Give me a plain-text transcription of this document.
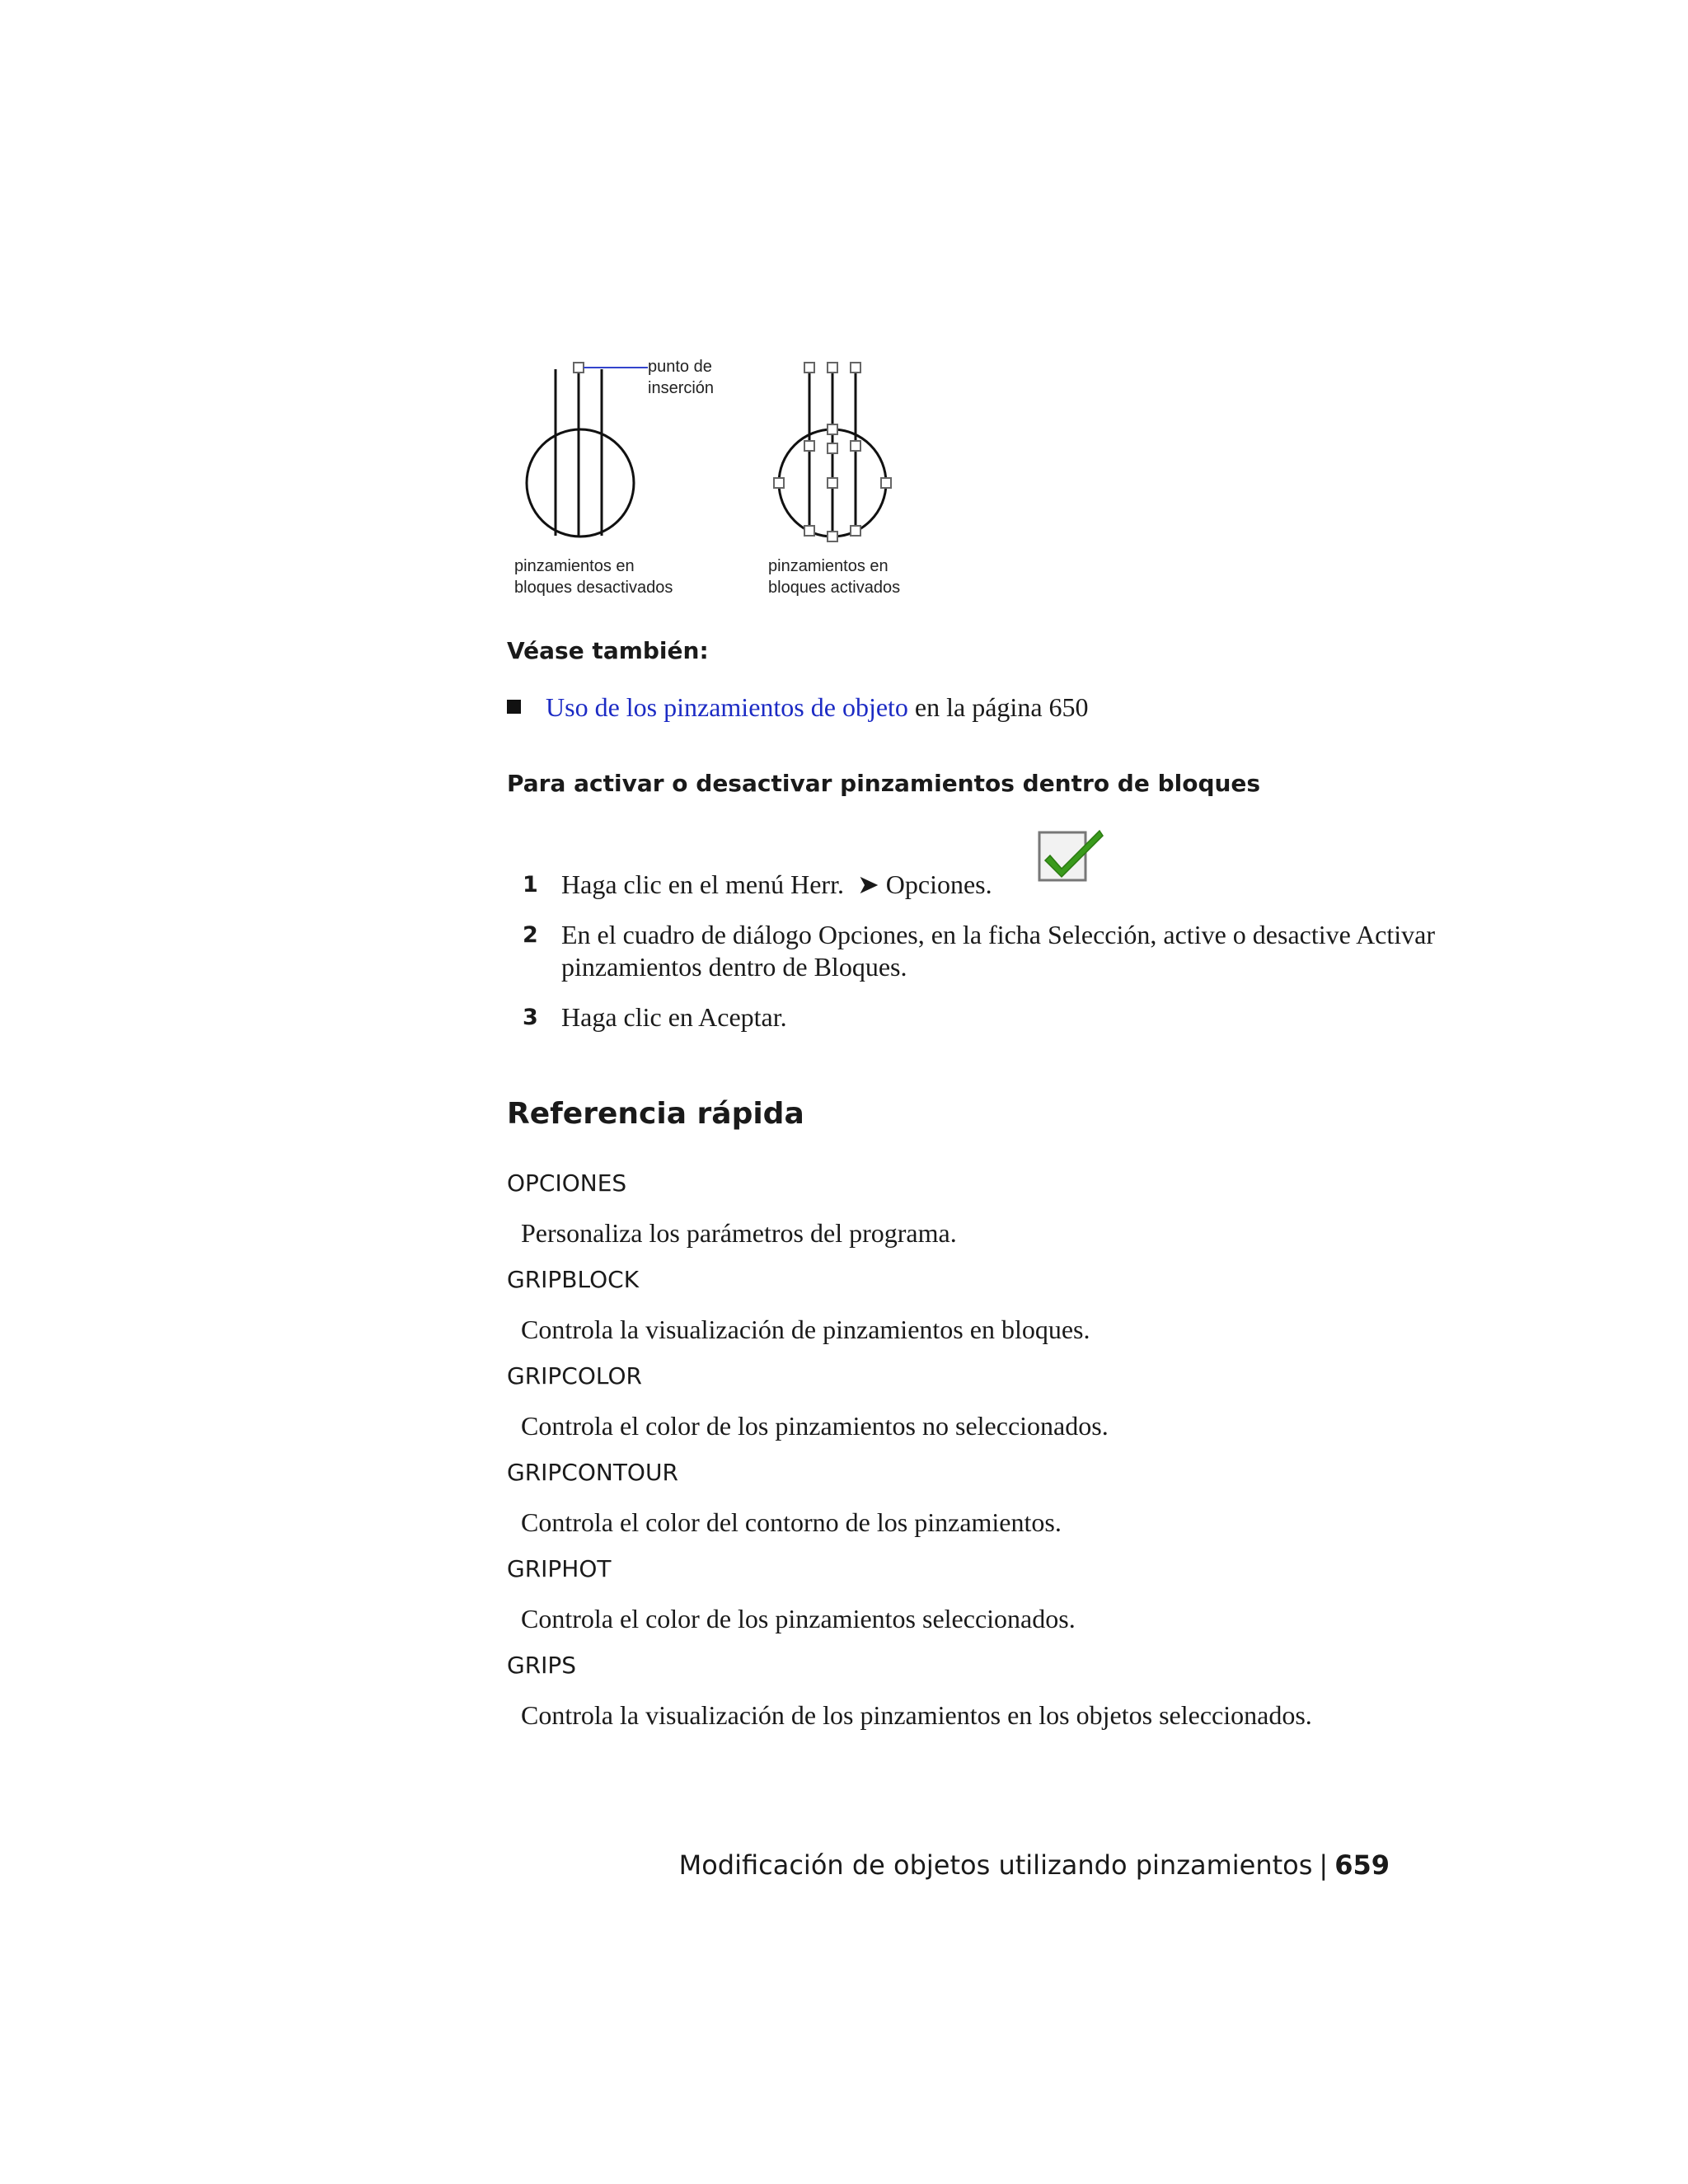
punto de
inserción
pinzamientos en
bloques desactivados
pinzamientos en
bloques activados
Véase también:
Uso de los pinzamientos de objeto en la página 650
Para activar o desactivar pinzamientos dentro de bloques
1 Haga clic en el menú Herr.  ➤ Opciones.
2 En el cuadro de diálogo Opciones, en la ficha Selección, active o desactive Activar pinzamientos dentro de Bloques.
3 Haga clic en Aceptar.
Referencia rápida
OPCIONES
Personaliza los parámetros del programa.
GRIPBLOCK
Controla la visualización de pinzamientos en bloques.
GRIPCOLOR
Controla el color de los pinzamientos no seleccionados.
GRIPCONTOUR
Controla el color del contorno de los pinzamientos.
GRIPHOT
Controla el color de los pinzamientos seleccionados.
GRIPS
Controla la visualización de los pinzamientos en los objetos seleccionados.
Modificación de objetos utilizando pinzamientos | 659
